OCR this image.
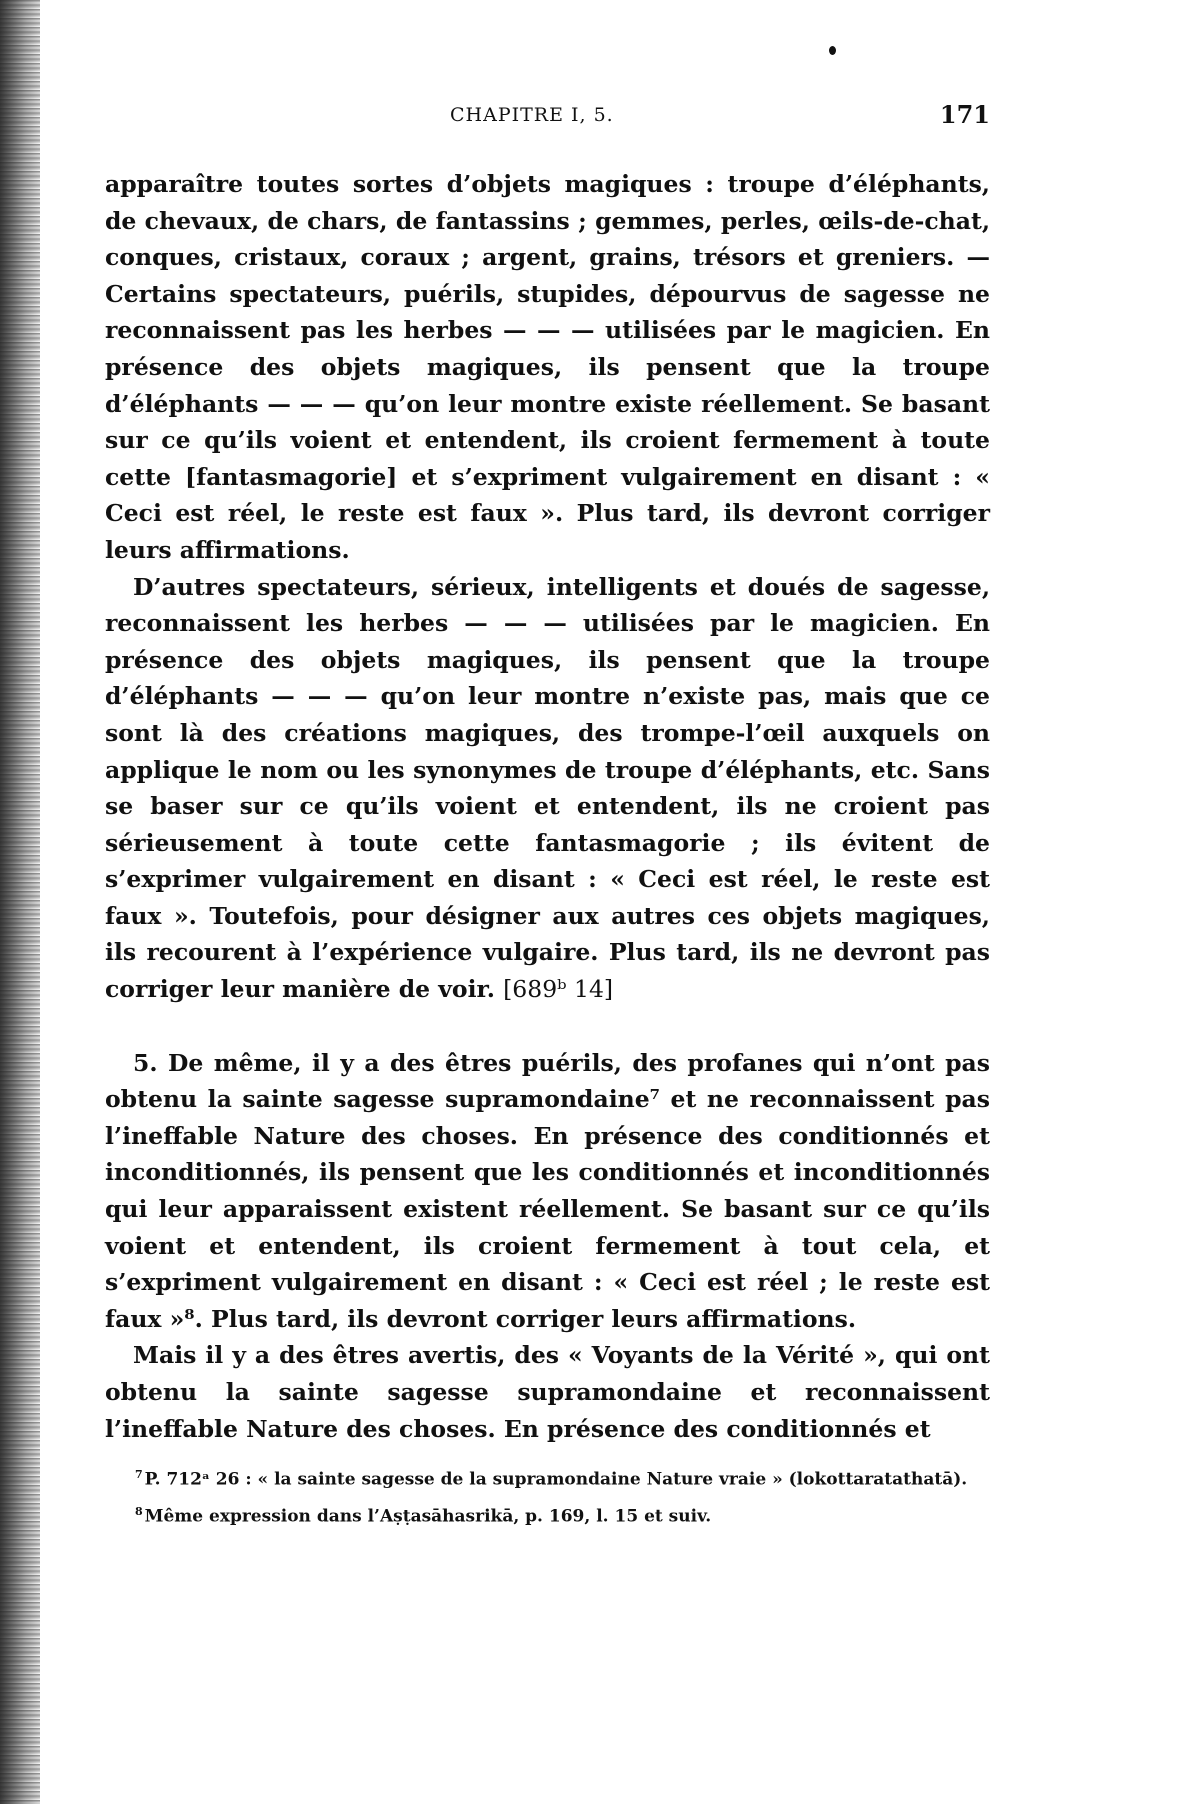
CHAPITRE I, 5.	171

apparaître toutes sortes d’objets magiques : troupe d’éléphants, de chevaux, de chars, de fantassins ; gemmes, perles, œils-de-chat, conques, cristaux, coraux ; argent, grains, trésors et greniers. — Certains spectateurs, puérils, stupides, dépourvus de sagesse ne reconnaissent pas les herbes — — — utilisées par le magicien. En présence des objets magiques, ils pensent que la troupe d’éléphants — — — qu’on leur montre existe réellement. Se basant sur ce qu’ils voient et entendent, ils croient fermement à toute cette [fantasmagorie] et s’expriment vulgairement en disant : « Ceci est réel, le reste est faux ». Plus tard, ils devront corriger leurs affirmations.

D’autres spectateurs, sérieux, intelligents et doués de sagesse, reconnaissent les herbes — — — utilisées par le magicien. En présence des objets magiques, ils pensent que la troupe d’éléphants — — — qu’on leur montre n’existe pas, mais que ce sont là des créations magiques, des trompe-l’œil auxquels on applique le nom ou les synonymes de troupe d’éléphants, etc. Sans se baser sur ce qu’ils voient et entendent, ils ne croient pas sérieusement à toute cette fantasmagorie ; ils évitent de s’exprimer vulgairement en disant : « Ceci est réel, le reste est faux ». Toutefois, pour désigner aux autres ces objets magiques, ils recourent à l’expérience vulgaire. Plus tard, ils ne devront pas corriger leur manière de voir. [689ᵇ 14]

5. De même, il y a des êtres puérils, des profanes qui n’ont pas obtenu la sainte sagesse supramondaine⁷ et ne reconnaissent pas l’ineffable Nature des choses. En présence des conditionnés et inconditionnés, ils pensent que les conditionnés et inconditionnés qui leur apparaissent existent réellement. Se basant sur ce qu’ils voient et entendent, ils croient fermement à tout cela, et s’expriment vulgairement en disant : « Ceci est réel ; le reste est faux »⁸. Plus tard, ils devront corriger leurs affirmations.

Mais il y a des êtres avertis, des « Voyants de la Vérité », qui ont obtenu la sainte sagesse supramondaine et reconnaissent l’ineffable Nature des choses. En présence des conditionnés et

$^7$ P. 712ᵃ 26 : « la sainte sagesse de la supramondaine Nature vraie » (lokottaratathatā).

$^8$ Même expression dans l’Aṣṭasāhasrikā, p. 169, l. 15 et suiv.
